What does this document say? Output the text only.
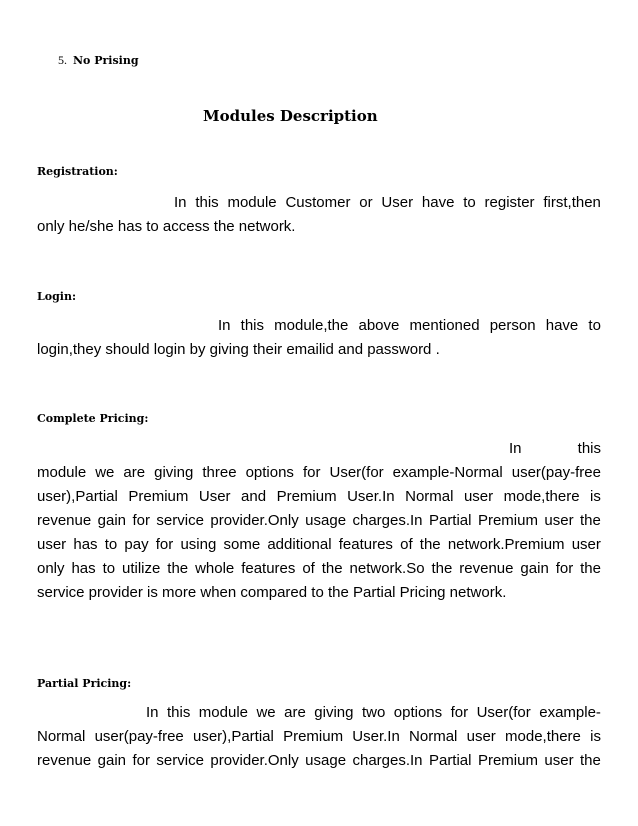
5. No Prising
Modules Description
Registration:
In this module Customer or User have to register first,then
only he/she has to access the network.
Login:
In this module,the above mentioned person have to
login,they should login by giving their emailid and password .
Complete Pricing:
In	this
module we are giving three options for User(for example-Normal user(pay-free
user),Partial Premium User and Premium User.In Normal user mode,there is
revenue gain for service provider.Only usage charges.In Partial Premium user the
user has to pay for using some additional features of the network.Premium user
only has to utilize the whole features of the network.So the revenue gain for the
service provider is more when compared to the Partial Pricing network.
Partial Pricing:
In this module we are giving two options for User(for example-
Normal user(pay-free user),Partial Premium User.In Normal user mode,there is
revenue gain for service provider.Only usage charges.In Partial Premium user the
